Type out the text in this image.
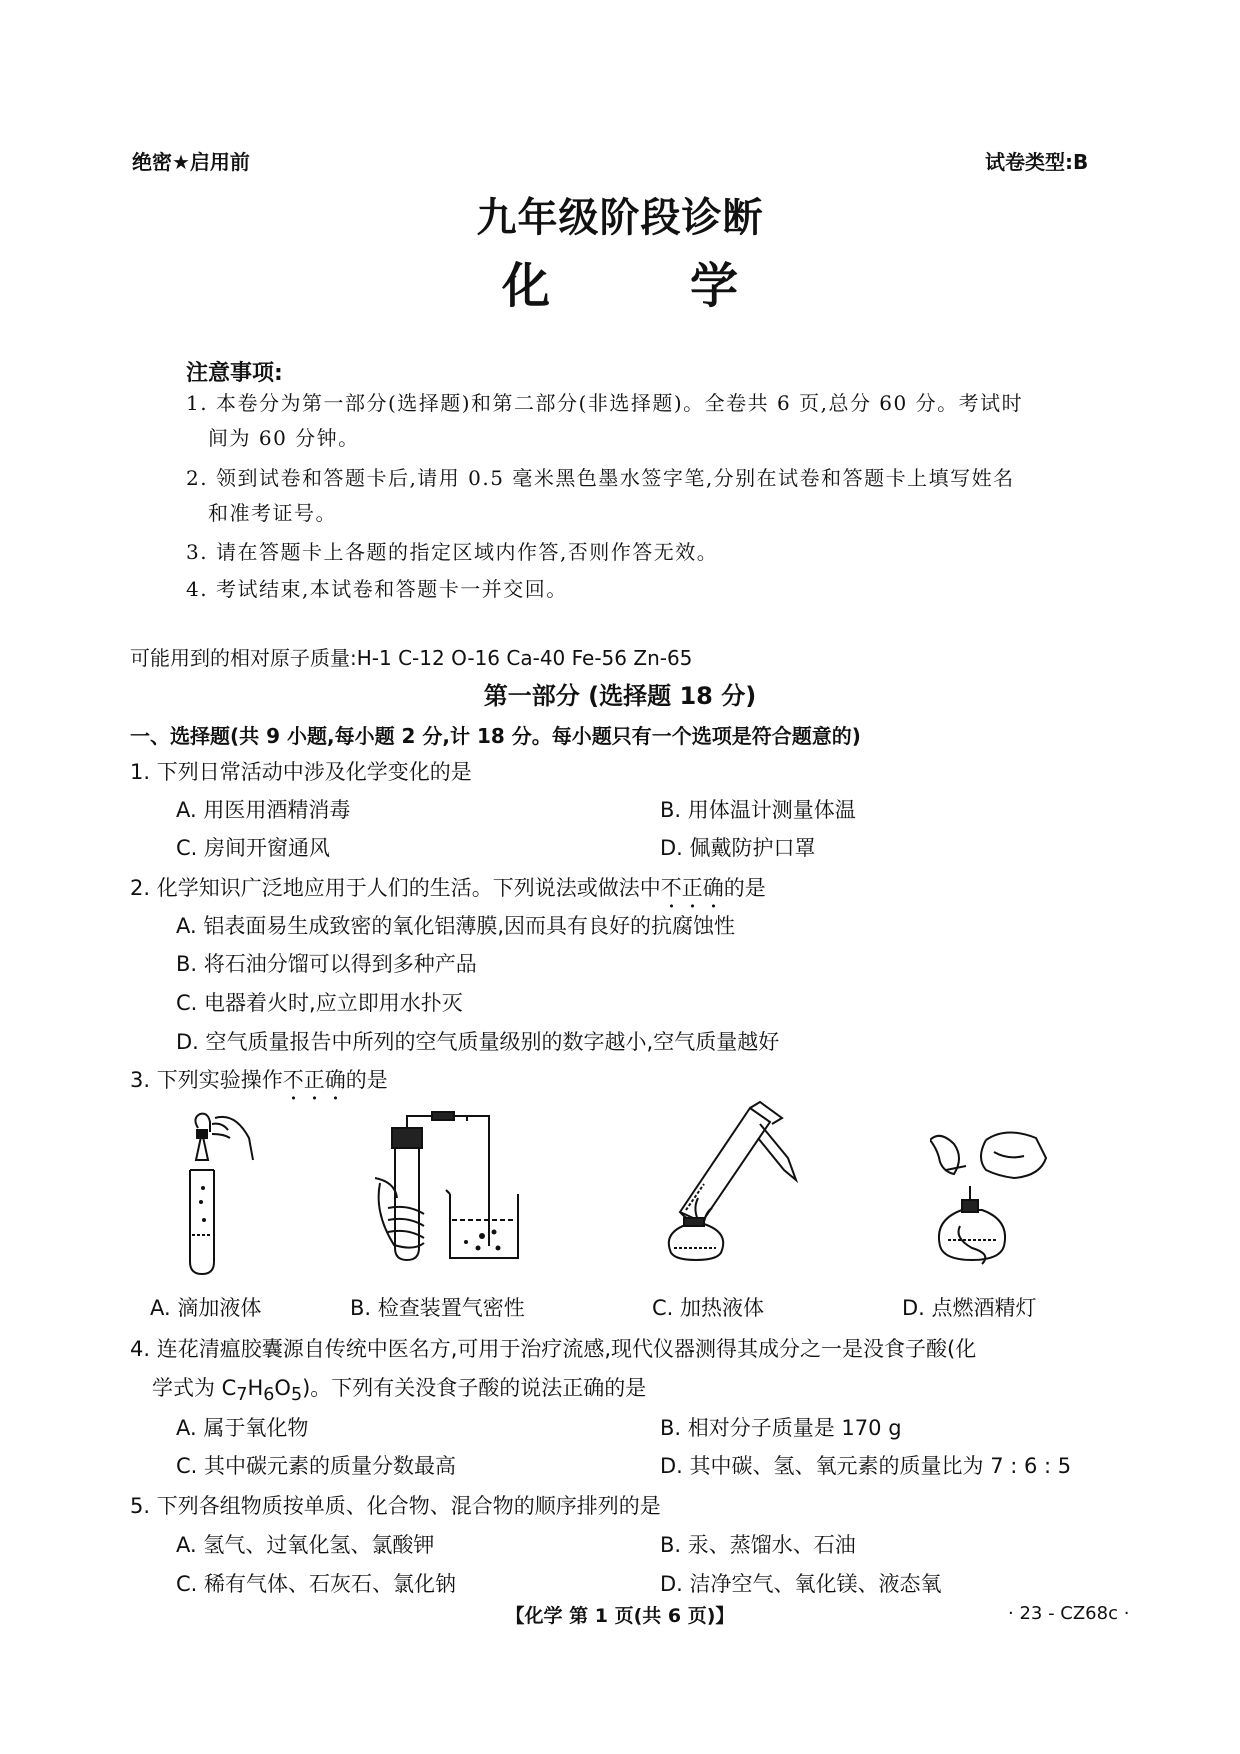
绝密★启用前	试卷类型:B
九年级阶段诊断
化	学
注意事项:
1. 本卷分为第一部分(选择题)和第二部分(非选择题)。全卷共 6 页,总分 60 分。考试时
间为 60 分钟。
2. 领到试卷和答题卡后,请用 0.5 毫米黑色墨水签字笔,分别在试卷和答题卡上填写姓名
和准考证号。
3. 请在答题卡上各题的指定区域内作答,否则作答无效。
4. 考试结束,本试卷和答题卡一并交回。
可能用到的相对原子质量:H-1 C-12 O-16 Ca-40 Fe-56 Zn-65
第一部分 (选择题 18 分)
一、选择题(共 9 小题,每小题 2 分,计 18 分。每小题只有一个选项是符合题意的)
1. 下列日常活动中涉及化学变化的是
A. 用医用酒精消毒	B. 用体温计测量体温
C. 房间开窗通风	D. 佩戴防护口罩
2. 化学知识广泛地应用于人们的生活。下列说法或做法中不正确的是
A. 铝表面易生成致密的氧化铝薄膜,因而具有良好的抗腐蚀性
B. 将石油分馏可以得到多种产品
C. 电器着火时,应立即用水扑灭
D. 空气质量报告中所列的空气质量级别的数字越小,空气质量越好
3. 下列实验操作不正确的是
A. 滴加液体	B. 检查装置气密性	C. 加热液体	D. 点燃酒精灯
4. 连花清瘟胶囊源自传统中医名方,可用于治疗流感,现代仪器测得其成分之一是没食子酸(化
学式为 $C_7H_6O_5$)。下列有关没食子酸的说法正确的是
A. 属于氧化物	B. 相对分子质量是 170 g
C. 其中碳元素的质量分数最高	D. 其中碳、氢、氧元素的质量比为 7 : 6 : 5
5. 下列各组物质按单质、化合物、混合物的顺序排列的是
A. 氢气、过氧化氢、氯酸钾	B. 汞、蒸馏水、石油
C. 稀有气体、石灰石、氯化钠	D. 洁净空气、氧化镁、液态氧
【化学 第 1 页(共 6 页)】	· 23 - CZ68c ·
